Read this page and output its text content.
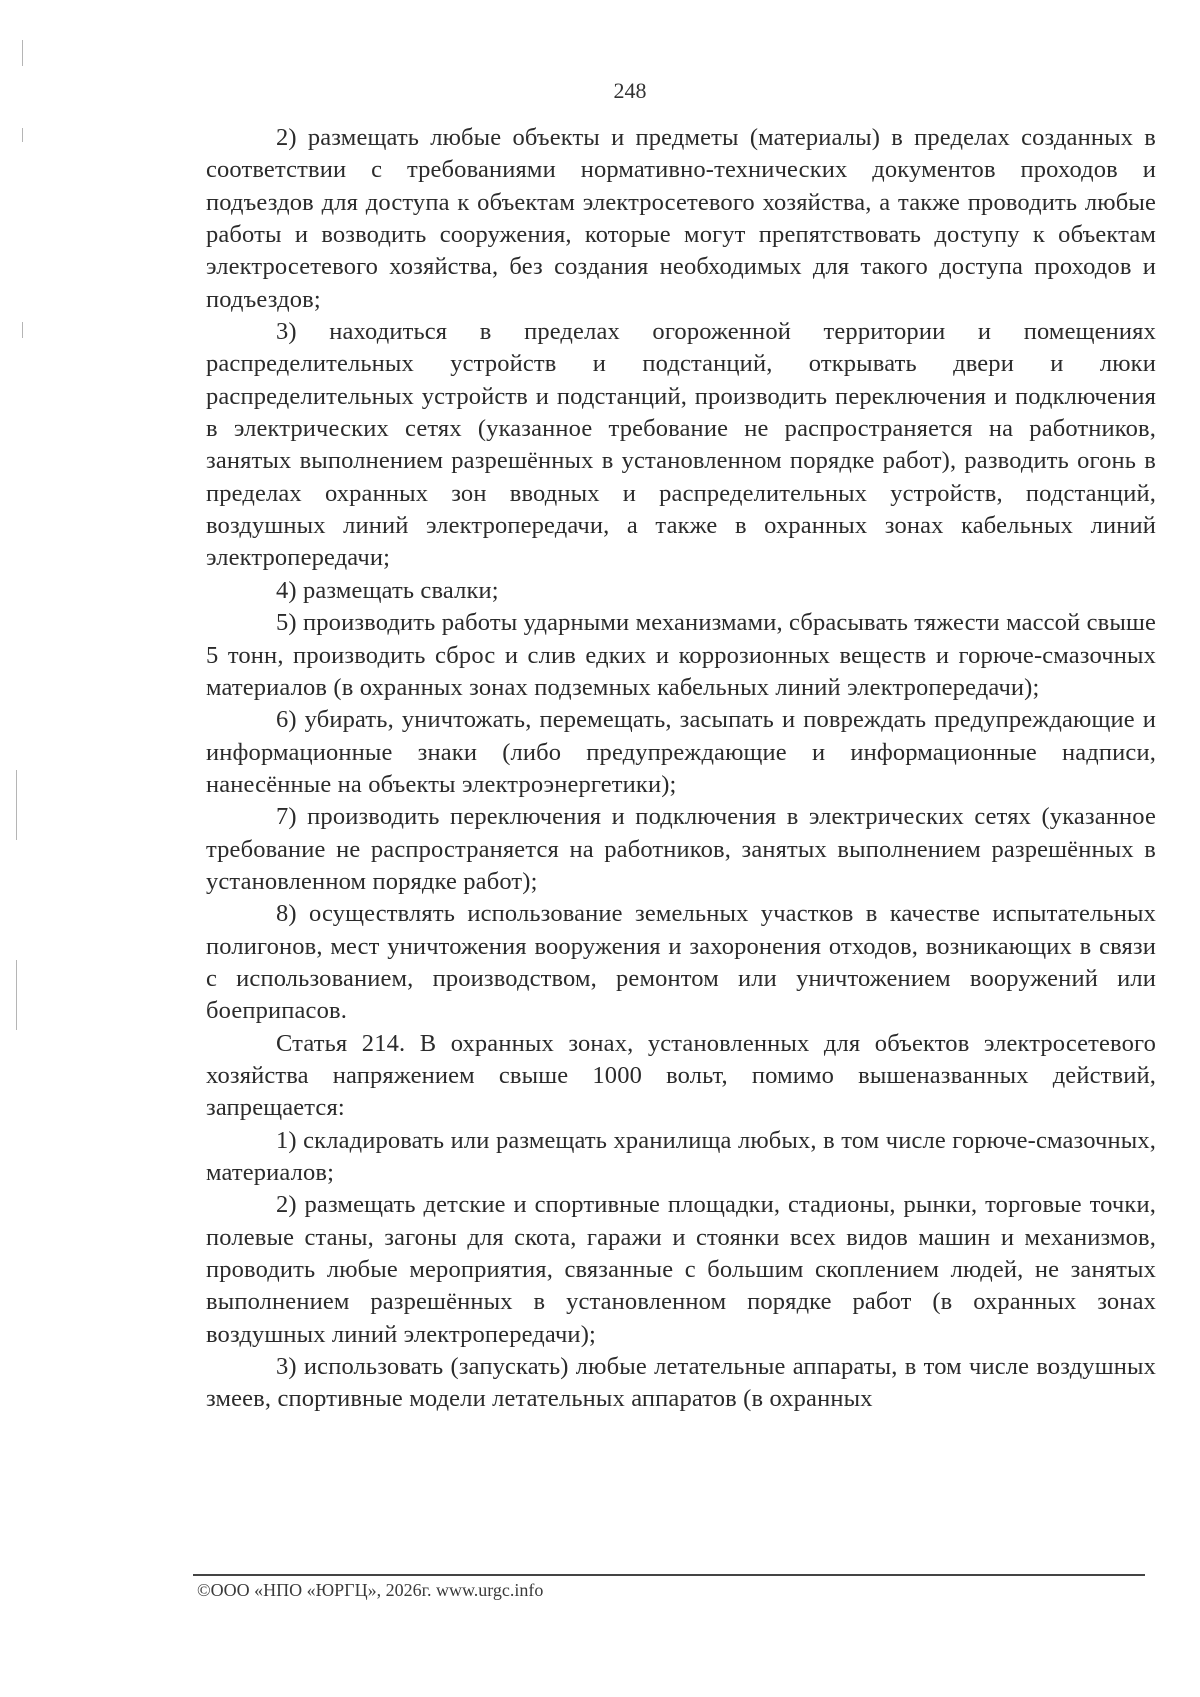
248

2) размещать любые объекты и предметы (материалы) в пределах созданных в соответствии с требованиями нормативно-технических документов проходов и подъездов для доступа к объектам электросетевого хозяйства, а также проводить любые работы и возводить сооружения, которые могут препятствовать доступу к объектам электросетевого хозяйства, без создания необходимых для такого доступа проходов и подъездов;

3) находиться в пределах огороженной территории и помещениях распределительных устройств и подстанций, открывать двери и люки распределительных устройств и подстанций, производить переключения и подключения в электрических сетях (указанное требование не распространяется на работников, занятых выполнением разрешённых в установленном порядке работ), разводить огонь в пределах охранных зон вводных и распределительных устройств, подстанций, воздушных линий электропередачи, а также в охранных зонах кабельных линий электропередачи;

4) размещать свалки;

5) производить работы ударными механизмами, сбрасывать тяжести массой свыше 5 тонн, производить сброс и слив едких и коррозионных веществ и горюче-смазочных материалов (в охранных зонах подземных кабельных линий электропередачи);

6) убирать, уничтожать, перемещать, засыпать и повреждать предупреждающие и информационные знаки (либо предупреждающие и информационные надписи, нанесённые на объекты электроэнергетики);

7) производить переключения и подключения в электрических сетях (указанное требование не распространяется на работников, занятых выполнением разрешённых в установленном порядке работ);

8) осуществлять использование земельных участков в качестве испытательных полигонов, мест уничтожения вооружения и захоронения отходов, возникающих в связи с использованием, производством, ремонтом или уничтожением вооружений или боеприпасов.

Статья 214. В охранных зонах, установленных для объектов электросетевого хозяйства напряжением свыше 1000 вольт, помимо вышеназванных действий, запрещается:

1) складировать или размещать хранилища любых, в том числе горюче-смазочных, материалов;

2) размещать детские и спортивные площадки, стадионы, рынки, торговые точки, полевые станы, загоны для скота, гаражи и стоянки всех видов машин и механизмов, проводить любые мероприятия, связанные с большим скоплением людей, не занятых выполнением разрешённых в установленном порядке работ (в охранных зонах воздушных линий электропередачи);

3) использовать (запускать) любые летательные аппараты, в том числе воздушных змеев, спортивные модели летательных аппаратов (в охранных

©ООО «НПО «ЮРГЦ», 2026г. www.urgc.info
